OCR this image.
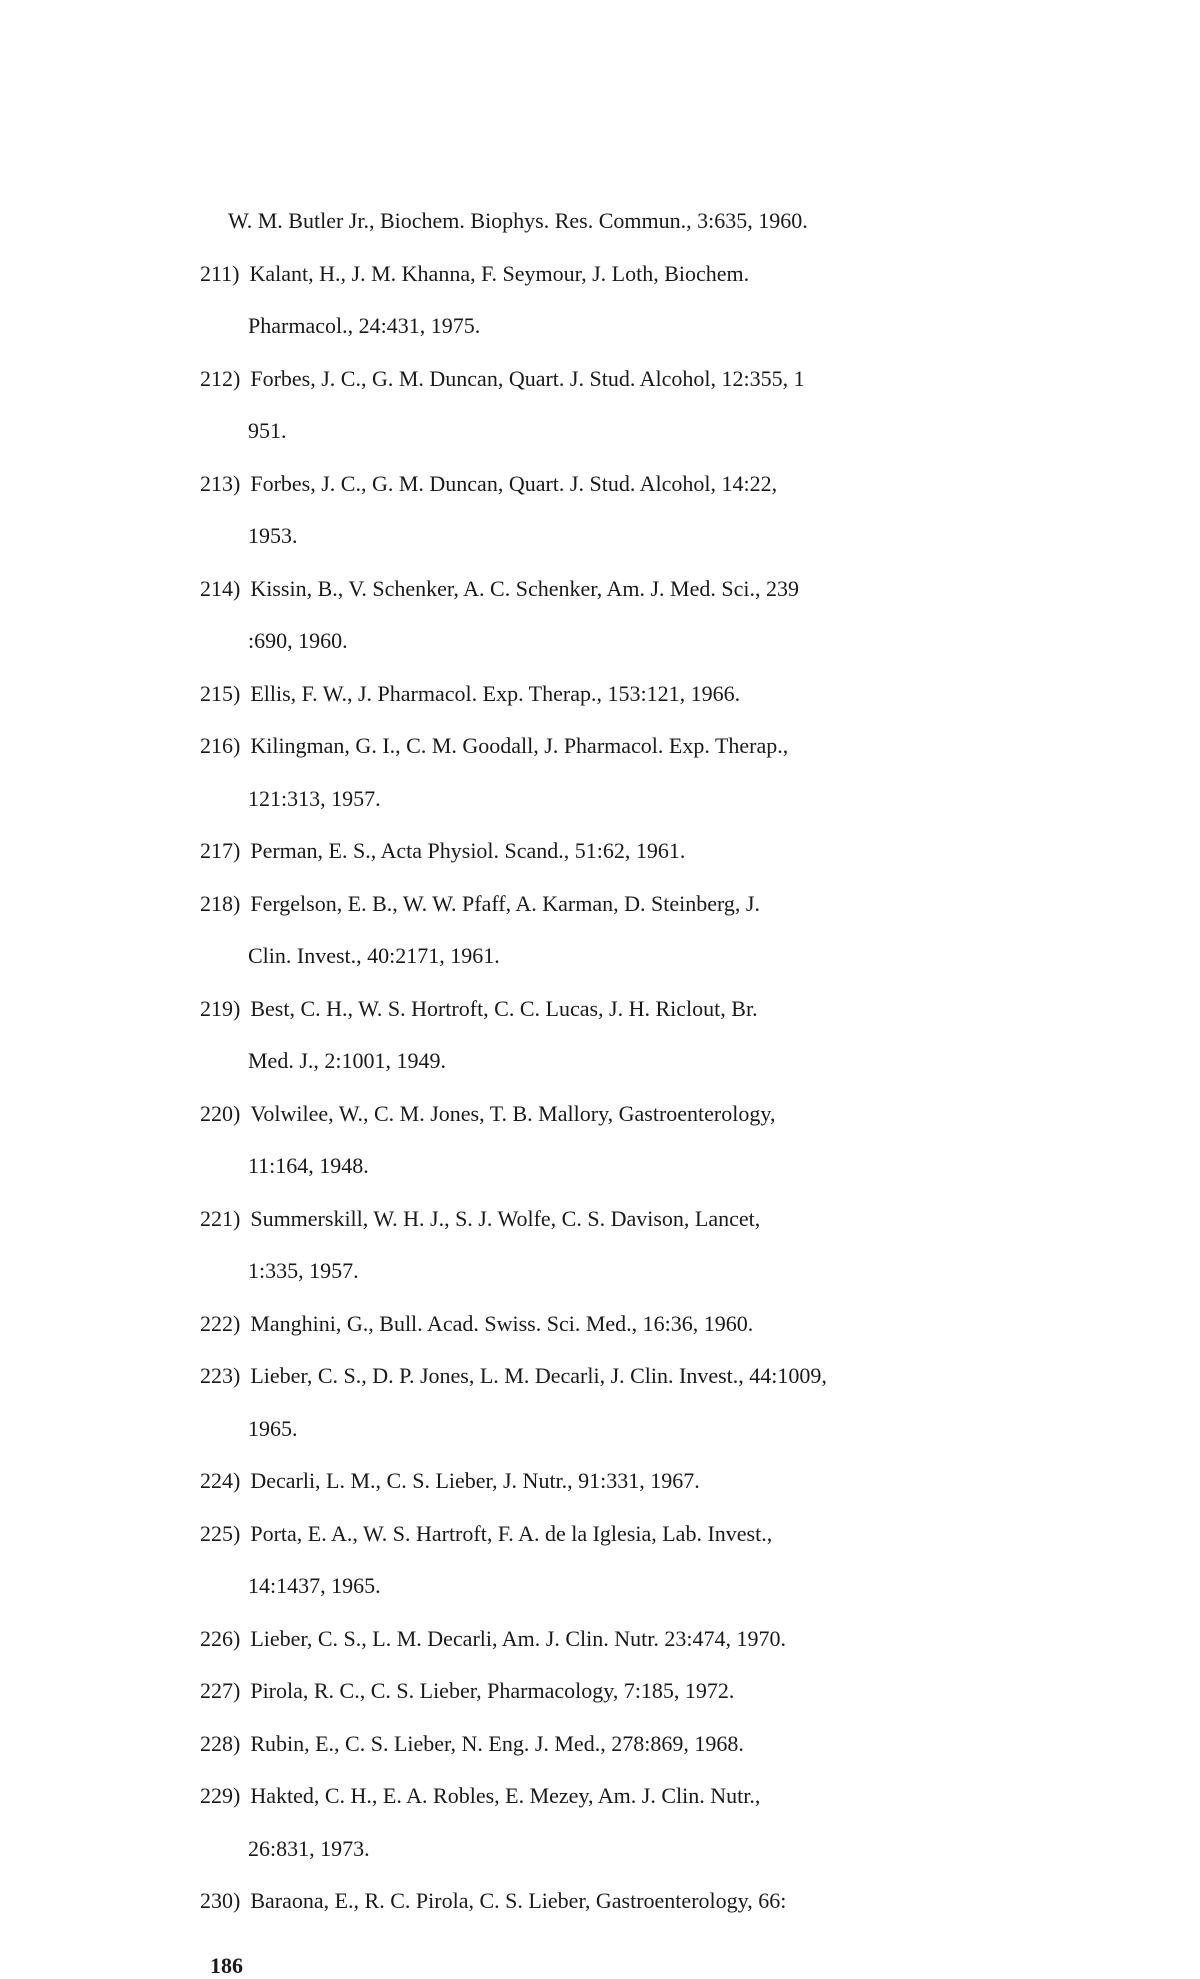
W. M. Butler Jr., Biochem. Biophys. Res. Commun., 3:635, 1960.
211) Kalant, H., J. M. Khanna, F. Seymour, J. Loth, Biochem.
Pharmacol., 24:431, 1975.
212) Forbes, J. C., G. M. Duncan, Quart. J. Stud. Alcohol, 12:355, 1
951.
213) Forbes, J. C., G. M. Duncan, Quart. J. Stud. Alcohol, 14:22,
1953.
214) Kissin, B., V. Schenker, A. C. Schenker, Am. J. Med. Sci., 239
:690, 1960.
215) Ellis, F. W., J. Pharmacol. Exp. Therap., 153:121, 1966.
216) Kilingman, G. I., C. M. Goodall, J. Pharmacol. Exp. Therap.,
121:313, 1957.
217) Perman, E. S., Acta Physiol. Scand., 51:62, 1961.
218) Fergelson, E. B., W. W. Pfaff, A. Karman, D. Steinberg, J.
Clin. Invest., 40:2171, 1961.
219) Best, C. H., W. S. Hortroft, C. C. Lucas, J. H. Riclout, Br.
Med. J., 2:1001, 1949.
220) Volwilee, W., C. M. Jones, T. B. Mallory, Gastroenterology,
11:164, 1948.
221) Summerskill, W. H. J., S. J. Wolfe, C. S. Davison, Lancet,
1:335, 1957.
222) Manghini, G., Bull. Acad. Swiss. Sci. Med., 16:36, 1960.
223) Lieber, C. S., D. P. Jones, L. M. Decarli, J. Clin. Invest., 44:1009,
1965.
224) Decarli, L. M., C. S. Lieber, J. Nutr., 91:331, 1967.
225) Porta, E. A., W. S. Hartroft, F. A. de la Iglesia, Lab. Invest.,
14:1437, 1965.
226) Lieber, C. S., L. M. Decarli, Am. J. Clin. Nutr. 23:474, 1970.
227) Pirola, R. C., C. S. Lieber, Pharmacology, 7:185, 1972.
228) Rubin, E., C. S. Lieber, N. Eng. J. Med., 278:869, 1968.
229) Hakted, C. H., E. A. Robles, E. Mezey, Am. J. Clin. Nutr.,
26:831, 1973.
230) Baraona, E., R. C. Pirola, C. S. Lieber, Gastroenterology, 66:
186
